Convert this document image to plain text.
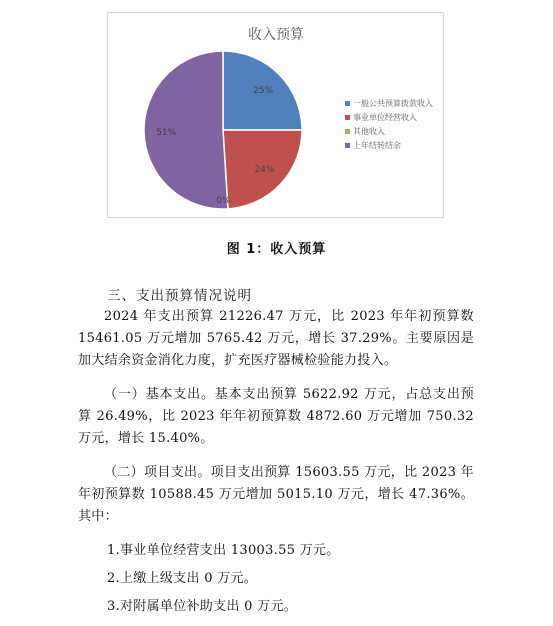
收入预算
25%
24%
0%
51%
一般公共预算拨款收入
事业单位经营收入
其他收入
上年结转结余
图 1：收入预算
三、支出预算情况说明

2024 年支出预算 21226.47 万元，比 2023 年年初预算数 15461.05 万元增加 5765.42 万元，增长 37.29%。主要原因是加大结余资金消化力度，扩充医疗器械检验能力投入。

（一）基本支出。基本支出预算 5622.92 万元，占总支出预算 26.49%，比 2023 年年初预算数 4872.60 万元增加 750.32 万元，增长 15.40%。

（二）项目支出。项目支出预算 15603.55 万元，比 2023 年年初预算数 10588.45 万元增加 5015.10 万元，增长 47.36%。其中：

1.事业单位经营支出 13003.55 万元。
2.上缴上级支出 0 万元。
3.对附属单位补助支出 0 万元。
